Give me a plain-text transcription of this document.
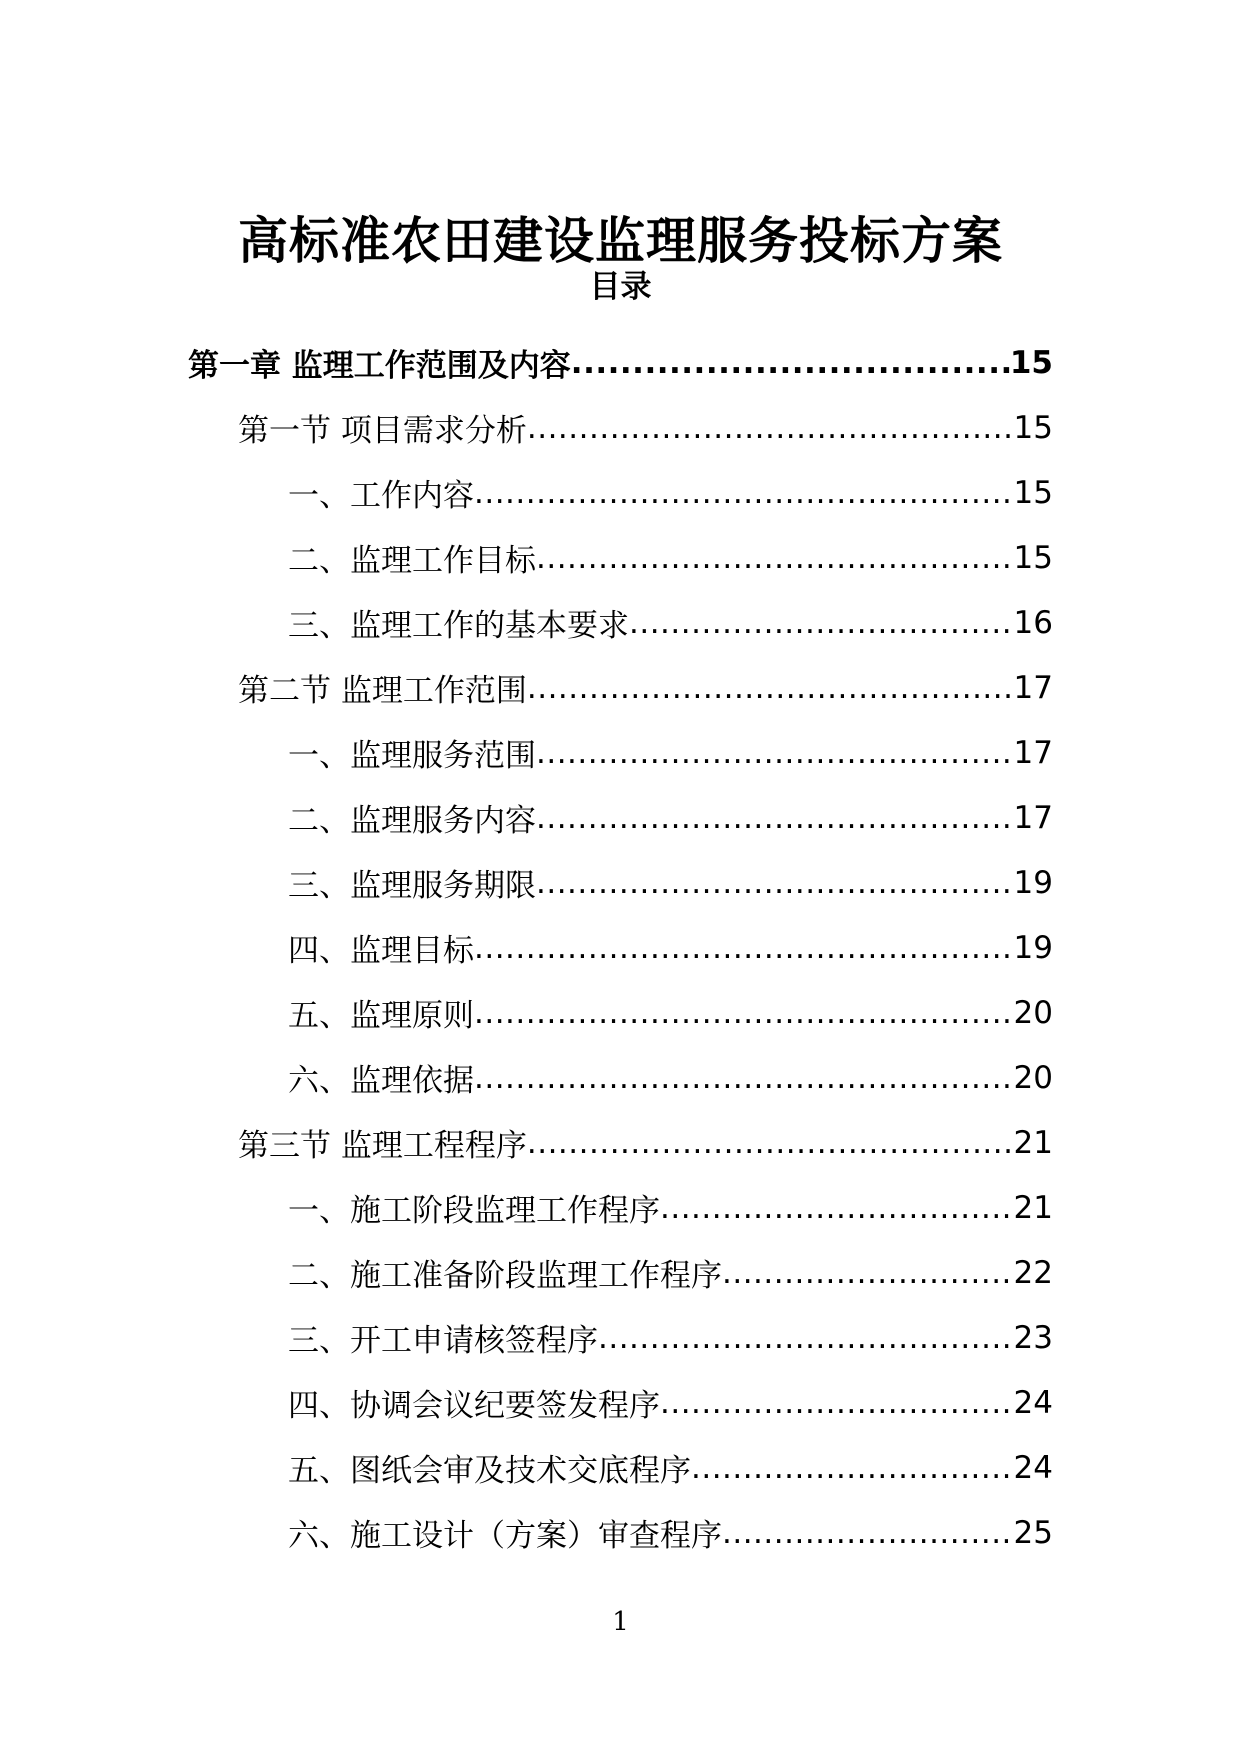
高标准农田建设监理服务投标方案
目录
第一章 监理工作范围及内容 .....	15
第一节 项目需求分析 .....	15
一、工作内容 .....	15
二、监理工作目标 .....	15
三、监理工作的基本要求 .....	16
第二节 监理工作范围 .....	17
一、监理服务范围 .....	17
二、监理服务内容 .....	17
三、监理服务期限 .....	19
四、监理目标 .....	19
五、监理原则 .....	20
六、监理依据 .....	20
第三节 监理工程程序 .....	21
一、施工阶段监理工作程序 .....	21
二、施工准备阶段监理工作程序 .....	22
三、开工申请核签程序 .....	23
四、协调会议纪要签发程序 .....	24
五、图纸会审及技术交底程序 .....	24
六、施工设计（方案）审查程序 .....	25
1
